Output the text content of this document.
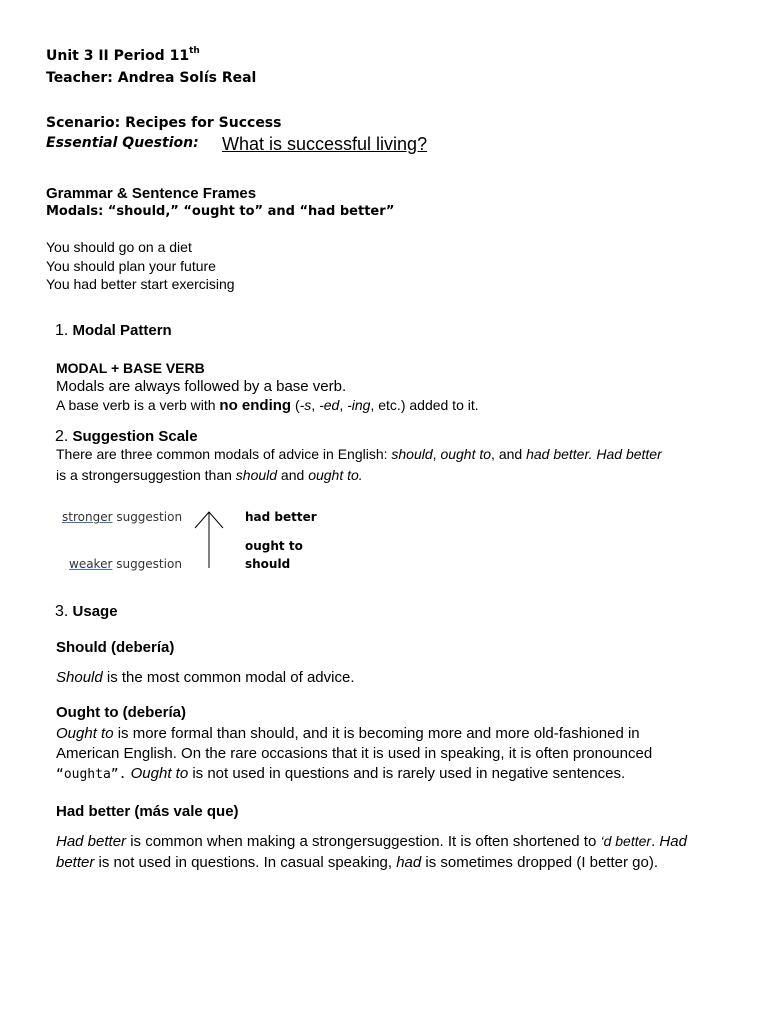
Unit 3 II Period 11th
Teacher: Andrea Solís Real
Scenario: Recipes for Success
Essential Question: What is successful living?
Grammar & Sentence Frames
Modals: “should,” “ought to” and “had better”
You should go on a diet
You should plan your future
You had better start exercising
1. Modal Pattern
MODAL + BASE VERB
Modals are always followed by a base verb.
A base verb is a verb with no ending (-s, -ed, -ing, etc.) added to it.
2. Suggestion Scale
There are three common modals of advice in English: should, ought to, and had better. Had better
is a strongersuggestion than should and ought to.
stronger suggestion
weaker suggestion
had better
ought to
should
3. Usage
Should (debería)
Should is the most common modal of advice.
Ought to (debería)
Ought to is more formal than should, and it is becoming more and more old-fashioned in
American English. On the rare occasions that it is used in speaking, it is often pronounced
“oughta”. Ought to is not used in questions and is rarely used in negative sentences.
Had better (más vale que)
Had better is common when making a strongersuggestion. It is often shortened to ‘d better. Had
better is not used in questions. In casual speaking, had is sometimes dropped (I better go).
